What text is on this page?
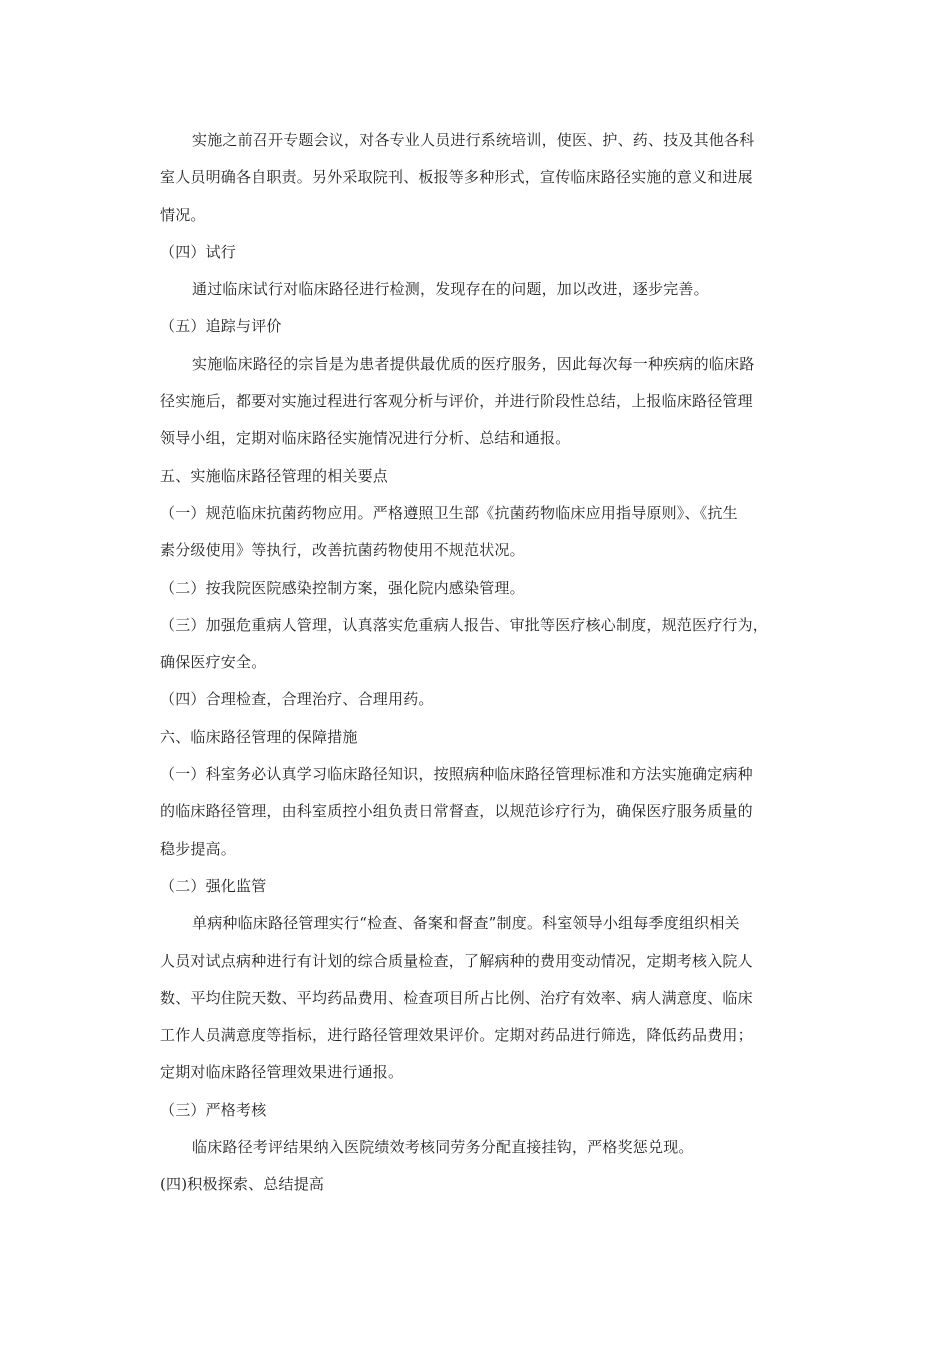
实施之前召开专题会议，对各专业人员进行系统培训，使医、护、药、技及其他各科
室人员明确各自职责。另外采取院刊、板报等多种形式，宣传临床路径实施的意义和进展
情况。
（四）试行
通过临床试行对临床路径进行检测，发现存在的问题，加以改进，逐步完善。
（五）追踪与评价
实施临床路径的宗旨是为患者提供最优质的医疗服务，因此每次每一种疾病的临床路
径实施后，都要对实施过程进行客观分析与评价，并进行阶段性总结，上报临床路径管理
领导小组，定期对临床路径实施情况进行分析、总结和通报。
五、实施临床路径管理的相关要点
（一）规范临床抗菌药物应用。严格遵照卫生部《抗菌药物临床应用指导原则》、《抗生
素分级使用》等执行，改善抗菌药物使用不规范状况。
（二）按我院医院感染控制方案，强化院内感染管理。
（三）加强危重病人管理，认真落实危重病人报告、审批等医疗核心制度，规范医疗行为，
确保医疗安全。
（四）合理检查，合理治疗、合理用药。
六、临床路径管理的保障措施
（一）科室务必认真学习临床路径知识，按照病种临床路径管理标准和方法实施确定病种
的临床路径管理，由科室质控小组负责日常督查，以规范诊疗行为，确保医疗服务质量的
稳步提高。
（二）强化监管
单病种临床路径管理实行“检查、备案和督查”制度。科室领导小组每季度组织相关
人员对试点病种进行有计划的综合质量检查，了解病种的费用变动情况，定期考核入院人
数、平均住院天数、平均药品费用、检查项目所占比例、治疗有效率、病人满意度、临床
工作人员满意度等指标，进行路径管理效果评价。定期对药品进行筛选，降低药品费用；
定期对临床路径管理效果进行通报。
（三）严格考核
临床路径考评结果纳入医院绩效考核同劳务分配直接挂钩，严格奖惩兑现。
(四)积极探索、总结提高
